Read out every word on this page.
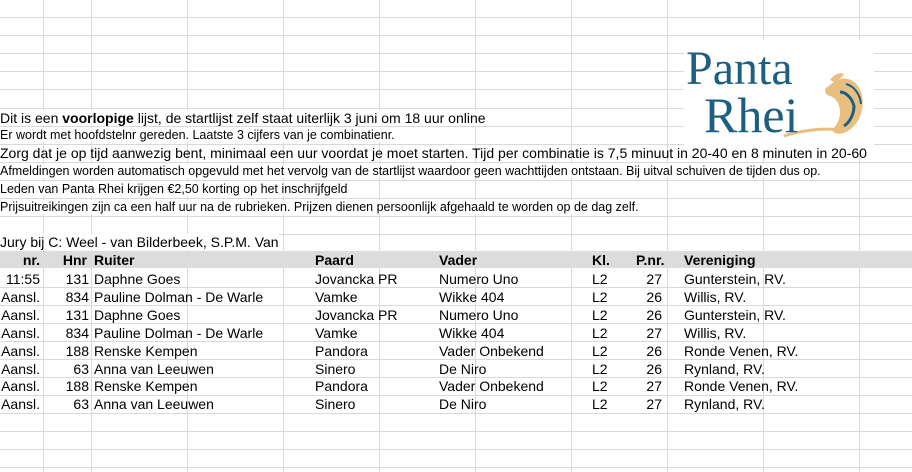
Panta
Rhei
Dit is een voorlopige lijst, de startlijst zelf staat uiterlijk 3 juni om 18 uur online
Er wordt met hoofdstelnr gereden. Laatste 3 cijfers van je combinatienr.
Zorg dat je op tijd aanwezig bent, minimaal een uur voordat je moet starten. Tijd per combinatie is 7,5 minuut in 20-40 en 8 minuten in 20-60
Afmeldingen worden automatisch opgevuld met het vervolg van de startlijst waardoor geen wachttijden ontstaan. Bij uitval schuiven de tijden dus op.
Leden van Panta Rhei krijgen €2,50 korting op het inschrijfgeld
Prijsuitreikingen zijn ca een half uur na de rubrieken. Prijzen dienen persoonlijk afgehaald te worden op de dag zelf.
Jury bij C: Weel - van Bilderbeek, S.P.M. Van
nr.	Hnr Ruiter	Paard	Vader	Kl. P.nr. Vereniging
11:55	131 Daphne Goes	Jovancka PR	Numero Uno	L2	27 Gunterstein, RV.
Aansl.	834 Pauline Dolman - De Warle	Vamke	Wikke 404	L2	26 Willis, RV.
Aansl.	131 Daphne Goes	Jovancka PR	Numero Uno	L2	26 Gunterstein, RV.
Aansl.	834 Pauline Dolman - De Warle	Vamke	Wikke 404	L2	27 Willis, RV.
Aansl.	188 Renske Kempen	Pandora	Vader Onbekend	L2	26 Ronde Venen, RV.
Aansl.	63 Anna van Leeuwen	Sinero	De Niro	L2	26 Rynland, RV.
Aansl.	188 Renske Kempen	Pandora	Vader Onbekend	L2	27 Ronde Venen, RV.
Aansl.	63 Anna van Leeuwen	Sinero	De Niro	L2	27 Rynland, RV.
